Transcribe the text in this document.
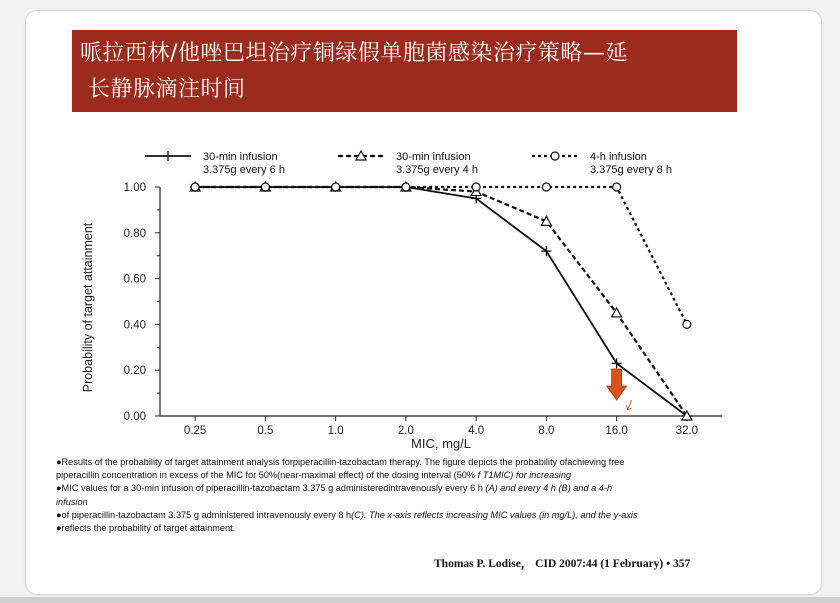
哌拉西林/他唑巴坦治疗铜绿假单胞菌感染治疗策略—延
长静脉滴注时间
0.00
0.20
0.40
0.60
0.80
1.00
0.25	0.5	1.0	2.0	4.0	8.0	16.0	32.0
MIC, mg/L
Probability of target attainment
30-min infusion
3.375g every 6 h
30-min infusion
3.375g every 4 h
4-h infusion
3.375g every 8 h

●Results of the probability of target attainment analysis forpiperacillin-tazobactam therapy. The figure depicts the probability ofachieving free

piperacillin concentration in excess of the MIC for 50%(near-maximal effect) of the dosing interval (50% f T1MIC) for increasing

●MIC values for a 30-min infusion of piperacillin-tazobactam 3.375 g administeredintravenously every 6 h (A) and every 4 h (B) and a 4-h

infusion

●of piperacillin-tazobactam 3.375 g administered intravenously every 8 h(C). The x-axis reflects increasing MIC values (in mg/L), and the y-axis

●reflects the probability of target attainment.

Thomas P. Lodise， CID 2007:44 (1 February) • 357
